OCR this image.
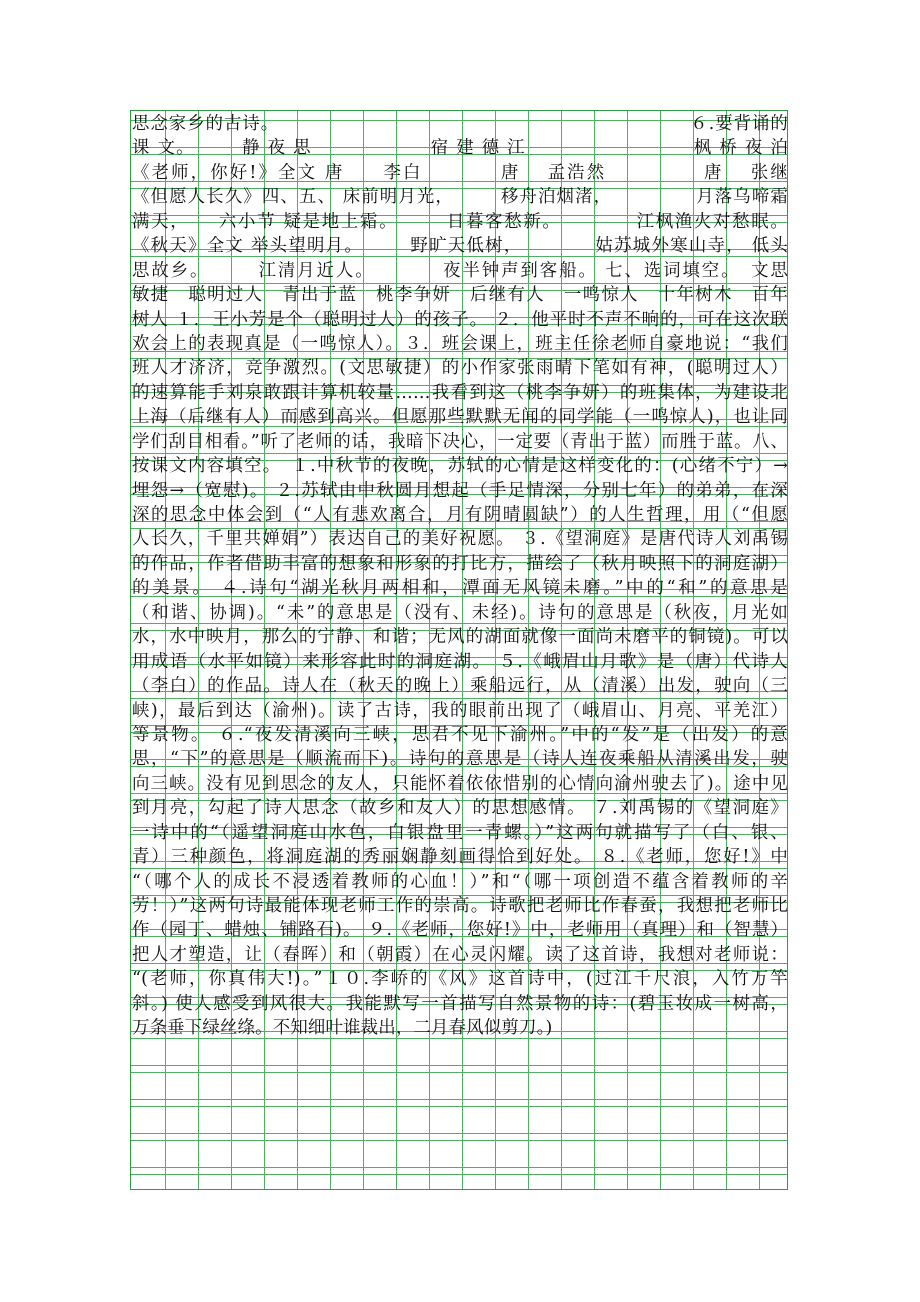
思念家乡的古诗。 　　　　　　　　　　　　　　　　　　　　　　６.要背诵的
课 文。　　　静 夜 思 　　　　　　宿 建 德 江　　　　　　　　　枫 桥 夜 泊
《老师，你好!》全文 唐　　李白　　　　唐　 孟浩然　　　　　唐　 张继
《但愿人长久》四、五、 床前明月光，　　　移舟泊烟渚，　　　　　月落乌啼霜
满天，　　六小节 疑是地上霜。　　　日暮客愁新。　　　　 江枫渔火对愁眠。
《秋天》全文 举头望明月。　　　野旷天低树，　　　　 姑苏城外寒山寺， 低头
思故乡。　　　江清月近人。　　　　夜半钟声到客船。 七、选词填空。　文思
敏捷　聪明过人　青出于蓝　桃李争妍　后继有人　一鸣惊人　十年树木　百年
树人 １．王小芳是个（聪明过人）的孩子。 ２．他平时不声不响的，可在这次联
欢会上的表现真是（一鸣惊人）。３．班会课上，班主任徐老师自豪地说：“我们
班人才济济，竞争激烈。(文思敏捷）的小作家张雨晴下笔如有神，(聪明过人）
的速算能手刘泉敢跟计算机较量……我看到这（桃李争妍）的班集体，为建设北
上海（后继有人）而感到高兴。但愿那些默默无闻的同学能（一鸣惊人)，也让同
学们刮目相看。”听了老师的话，我暗下决心，一定要（青出于蓝）而胜于蓝。八、
按课文内容填空。　１.中秋节的夜晚，苏轼的心情是这样变化的：(心绪不宁）→
埋怨→（宽慰)。 ２.苏轼由中秋圆月想起（手足情深，分别七年）的弟弟，在深
深的思念中体会到（“人有悲欢离合，月有阴晴圆缺”）的人生哲理，用（“但愿
人长久，千里共婵娟”）表达自己的美好祝愿。 ３.《望洞庭》是唐代诗人刘禹锡
的作品，作者借助丰富的想象和形象的打比方，描绘了（秋月映照下的洞庭湖）
的美景。 ４.诗句“湖光秋月两相和，潭面无风镜未磨。”中的“和”的意思是
（和谐、协调)。“未”的意思是（没有、未经)。诗句的意思是（秋夜，月光如
水，水中映月，那么的宁静、和谐；无风的湖面就像一面尚未磨平的铜镜)。可以
用成语（水平如镜）来形容此时的洞庭湖。 ５.《峨眉山月歌》是（唐）代诗人
（李白）的作品。诗人在（秋天的晚上）乘船远行，从（清溪）出发，驶向（三
峡)，最后到达（渝州)。读了古诗，我的眼前出现了（峨眉山、月亮、平羌江）
等景物。 ６.“夜发清溪向三峡，思君不见下渝州。”中的“发”是（出发）的意
思，“下”的意思是（顺流而下)。诗句的意思是（诗人连夜乘船从清溪出发，驶
向三峡。没有见到思念的友人，只能怀着依依惜别的心情向渝州驶去了)。途中见
到月亮，勾起了诗人思念（故乡和友人）的思想感情。 ７.刘禹锡的《望洞庭》
一诗中的“（遥望洞庭山水色，白银盘里一青螺。）”这两句就描写了（白、银、
青）三种颜色，将洞庭湖的秀丽娴静刻画得恰到好处。 ８.《老师，您好!》中
“（哪个人的成长不浸透着教师的心血！）”和“（哪一项创造不蕴含着教师的辛
劳！）”这两句诗最能体现老师工作的崇高。诗歌把老师比作春蚕，我想把老师比
作（园丁、蜡烛、铺路石)。 ９.《老师，您好!》中，老师用（真理）和（智慧）
把人才塑造，让（春晖）和（朝霞）在心灵闪耀。读了这首诗，我想对老师说：
“(老师，你真伟大!)。”１０.李峤的《风》这首诗中，(过江千尺浪，入竹万竿
斜。) 使人感受到风很大。我能默写一首描写自然景物的诗：(碧玉妆成一树高，
万条垂下绿丝绦。不知细叶谁裁出，二月春风似剪刀。)
